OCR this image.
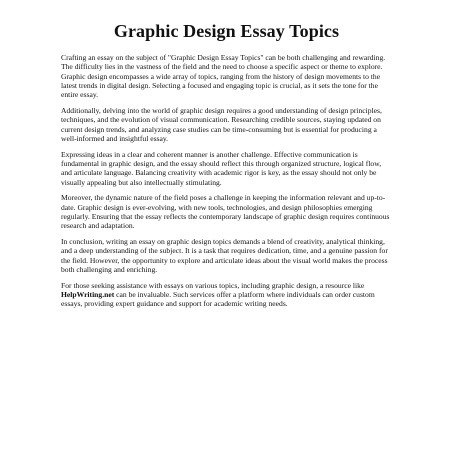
Graphic Design Essay Topics

Crafting an essay on the subject of "Graphic Design Essay Topics" can be both challenging and rewarding. The difficulty lies in the vastness of the field and the need to choose a specific aspect or theme to explore. Graphic design encompasses a wide array of topics, ranging from the history of design movements to the latest trends in digital design. Selecting a focused and engaging topic is crucial, as it sets the tone for the entire essay.

Additionally, delving into the world of graphic design requires a good understanding of design principles, techniques, and the evolution of visual communication. Researching credible sources, staying updated on current design trends, and analyzing case studies can be time-consuming but is essential for producing a well-informed and insightful essay.

Expressing ideas in a clear and coherent manner is another challenge. Effective communication is fundamental in graphic design, and the essay should reflect this through organized structure, logical flow, and articulate language. Balancing creativity with academic rigor is key, as the essay should not only be visually appealing but also intellectually stimulating.

Moreover, the dynamic nature of the field poses a challenge in keeping the information relevant and up-to-date. Graphic design is ever-evolving, with new tools, technologies, and design philosophies emerging regularly. Ensuring that the essay reflects the contemporary landscape of graphic design requires continuous research and adaptation.

In conclusion, writing an essay on graphic design topics demands a blend of creativity, analytical thinking, and a deep understanding of the subject. It is a task that requires dedication, time, and a genuine passion for the field. However, the opportunity to explore and articulate ideas about the visual world makes the process both challenging and enriching.

For those seeking assistance with essays on various topics, including graphic design, a resource like HelpWriting.net can be invaluable. Such services offer a platform where individuals can order custom essays, providing expert guidance and support for academic writing needs.
